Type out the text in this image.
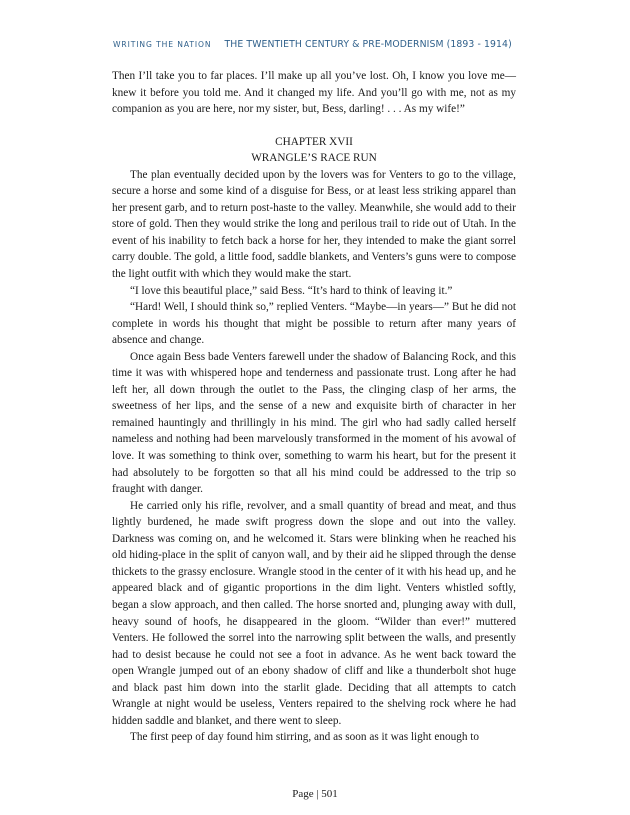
WRITING THE NATION THE TWENTIETH CENTURY & PRE-MODERNISM (1893 - 1914)

Then I’ll take you to far places. I’ll make up all you’ve lost. Oh, I know you love me—knew it before you told me. And it changed my life. And you’ll go with me, not as my companion as you are here, nor my sister, but, Bess, darling! . . . As my wife!”

CHAPTER XVII
WRANGLE’S RACE RUN

The plan eventually decided upon by the lovers was for Venters to go to the village, secure a horse and some kind of a disguise for Bess, or at least less striking apparel than her present garb, and to return post-haste to the valley. Meanwhile, she would add to their store of gold. Then they would strike the long and perilous trail to ride out of Utah. In the event of his inability to fetch back a horse for her, they intended to make the giant sorrel carry double. The gold, a little food, saddle blankets, and Venters’s guns were to compose the light outfit with which they would make the start.

“I love this beautiful place,” said Bess. “It’s hard to think of leaving it.”

“Hard! Well, I should think so,” replied Venters. “Maybe—in years—” But he did not complete in words his thought that might be possible to return after many years of absence and change.

Once again Bess bade Venters farewell under the shadow of Balancing Rock, and this time it was with whispered hope and tenderness and passionate trust. Long after he had left her, all down through the outlet to the Pass, the clinging clasp of her arms, the sweetness of her lips, and the sense of a new and exquisite birth of character in her remained hauntingly and thrillingly in his mind. The girl who had sadly called herself nameless and nothing had been marvelously transformed in the moment of his avowal of love. It was something to think over, something to warm his heart, but for the present it had absolutely to be forgotten so that all his mind could be addressed to the trip so fraught with danger.

He carried only his rifle, revolver, and a small quantity of bread and meat, and thus lightly burdened, he made swift progress down the slope and out into the valley. Darkness was coming on, and he welcomed it. Stars were blinking when he reached his old hiding-place in the split of canyon wall, and by their aid he slipped through the dense thickets to the grassy enclosure. Wrangle stood in the center of it with his head up, and he appeared black and of gigantic proportions in the dim light. Venters whistled softly, began a slow approach, and then called. The horse snorted and, plunging away with dull, heavy sound of hoofs, he disappeared in the gloom. “Wilder than ever!” muttered Venters. He followed the sorrel into the narrowing split between the walls, and presently had to desist because he could not see a foot in advance. As he went back toward the open Wrangle jumped out of an ebony shadow of cliff and like a thunderbolt shot huge and black past him down into the starlit glade. Deciding that all attempts to catch Wrangle at night would be useless, Venters repaired to the shelving rock where he had hidden saddle and blanket, and there went to sleep.

The first peep of day found him stirring, and as soon as it was light enough to

Page | 501
